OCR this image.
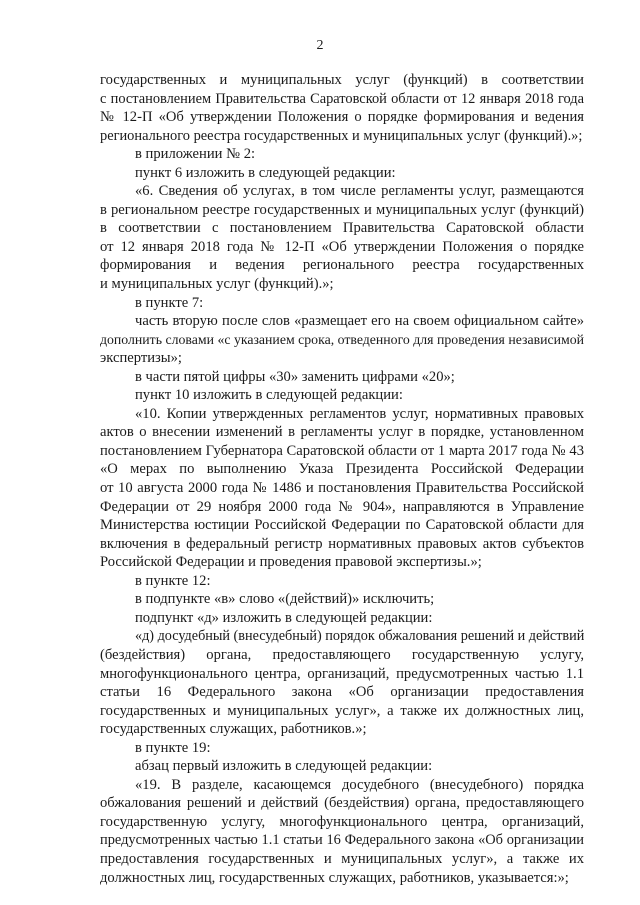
2
государственных и муниципальных услуг (функций) в соответствии
с постановлением Правительства Саратовской области от 12 января 2018 года
№ 12-П «Об утверждении Положения о порядке формирования и ведения
регионального реестра государственных и муниципальных услуг (функций).»;
в приложении № 2:
пункт 6 изложить в следующей редакции:
«6. Сведения об услугах, в том числе регламенты услуг, размещаются
в региональном реестре государственных и муниципальных услуг (функций)
в соответствии с постановлением Правительства Саратовской области
от 12 января 2018 года № 12-П «Об утверждении Положения о порядке
формирования и ведения регионального реестра государственных
и муниципальных услуг (функций).»;
в пункте 7:
часть вторую после слов «размещает его на своем официальном сайте»
дополнить словами «с указанием срока, отведенного для проведения независимой
экспертизы»;
в части пятой цифры «30» заменить цифрами «20»;
пункт 10 изложить в следующей редакции:
«10. Копии утвержденных регламентов услуг, нормативных правовых
актов о внесении изменений в регламенты услуг в порядке, установленном
постановлением Губернатора Саратовской области от 1 марта 2017 года № 43
«О мерах по выполнению Указа Президента Российской Федерации
от 10 августа 2000 года № 1486 и постановления Правительства Российской
Федерации от 29 ноября 2000 года № 904», направляются в Управление
Министерства юстиции Российской Федерации по Саратовской области для
включения в федеральный регистр нормативных правовых актов субъектов
Российской Федерации и проведения правовой экспертизы.»;
в пункте 12:
в подпункте «в» слово «(действий)» исключить;
подпункт «д» изложить в следующей редакции:
«д) досудебный (внесудебный) порядок обжалования решений и действий
(бездействия) органа, предоставляющего государственную услугу,
многофункционального центра, организаций, предусмотренных частью 1.1
статьи 16 Федерального закона «Об организации предоставления
государственных и муниципальных услуг», а также их должностных лиц,
государственных служащих, работников.»;
в пункте 19:
абзац первый изложить в следующей редакции:
«19. В разделе, касающемся досудебного (внесудебного) порядка
обжалования решений и действий (бездействия) органа, предоставляющего
государственную услугу, многофункционального центра, организаций,
предусмотренных частью 1.1 статьи 16 Федерального закона «Об организации
предоставления государственных и муниципальных услуг», а также их
должностных лиц, государственных служащих, работников, указывается:»;
